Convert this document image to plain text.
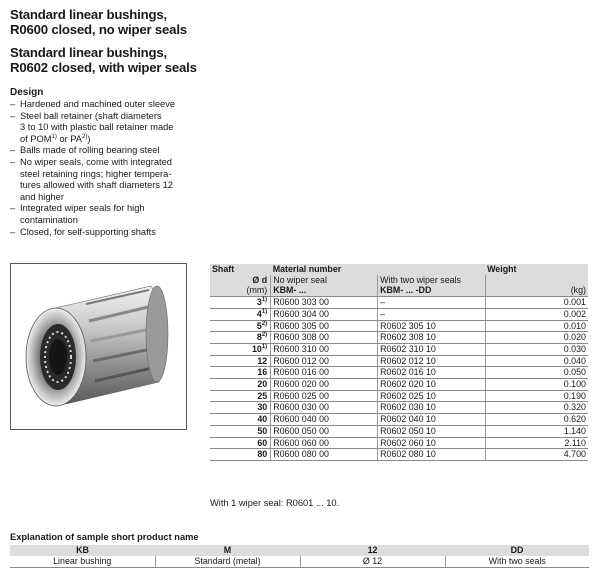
Standard linear bushings,
R0600 closed, no wiper seals
Standard linear bushings,
R0602 closed, with wiper seals
Design
– Hardened and machined outer sleeve
– Steel ball retainer (shaft diameters
3 to 10 with plastic ball retainer made
of POM$^{1)}$ or PA$^{2)}$)
– Balls made of rolling bearing steel
– No wiper seals, come with integrated
steel retaining rings; higher tempera-
tures allowed with shaft diameters 12
and higher
– Integrated wiper seals for high
contamination
– Closed, for self-supporting shafts
Shaft	Material number		Weight
Ø d	No wiper seal	With two wiper seals	
(mm)	KBM- ...	KBM- ... -DD	(kg)
3$^{1)}$	R0600 303 00	–	0.001
4$^{1)}$	R0600 304 00	–	0.002
5$^{2)}$	R0600 305 00	R0602 305 10	0.010
8$^{2)}$	R0600 308 00	R0602 308 10	0.020
10$^{1)}$	R0600 310 00	R0602 310 10	0.030
12	R0600 012 00	R0602 012 10	0.040
16	R0600 016 00	R0602 016 10	0.050
20	R0600 020 00	R0602 020 10	0.100
25	R0600 025 00	R0602 025 10	0.190
30	R0600 030 00	R0602 030 10	0.320
40	R0600 040 00	R0602 040 10	0.620
50	R0600 050 00	R0602 050 10	1.140
60	R0600 060 00	R0602 060 10	2.110
80	R0600 080 00	R0602 080 10	4.700
With 1 wiper seal: R0601 ... 10.
Explanation of sample short product name
KB	M	12	DD
Linear bushing	Standard (metal)	Ø 12	With two seals
